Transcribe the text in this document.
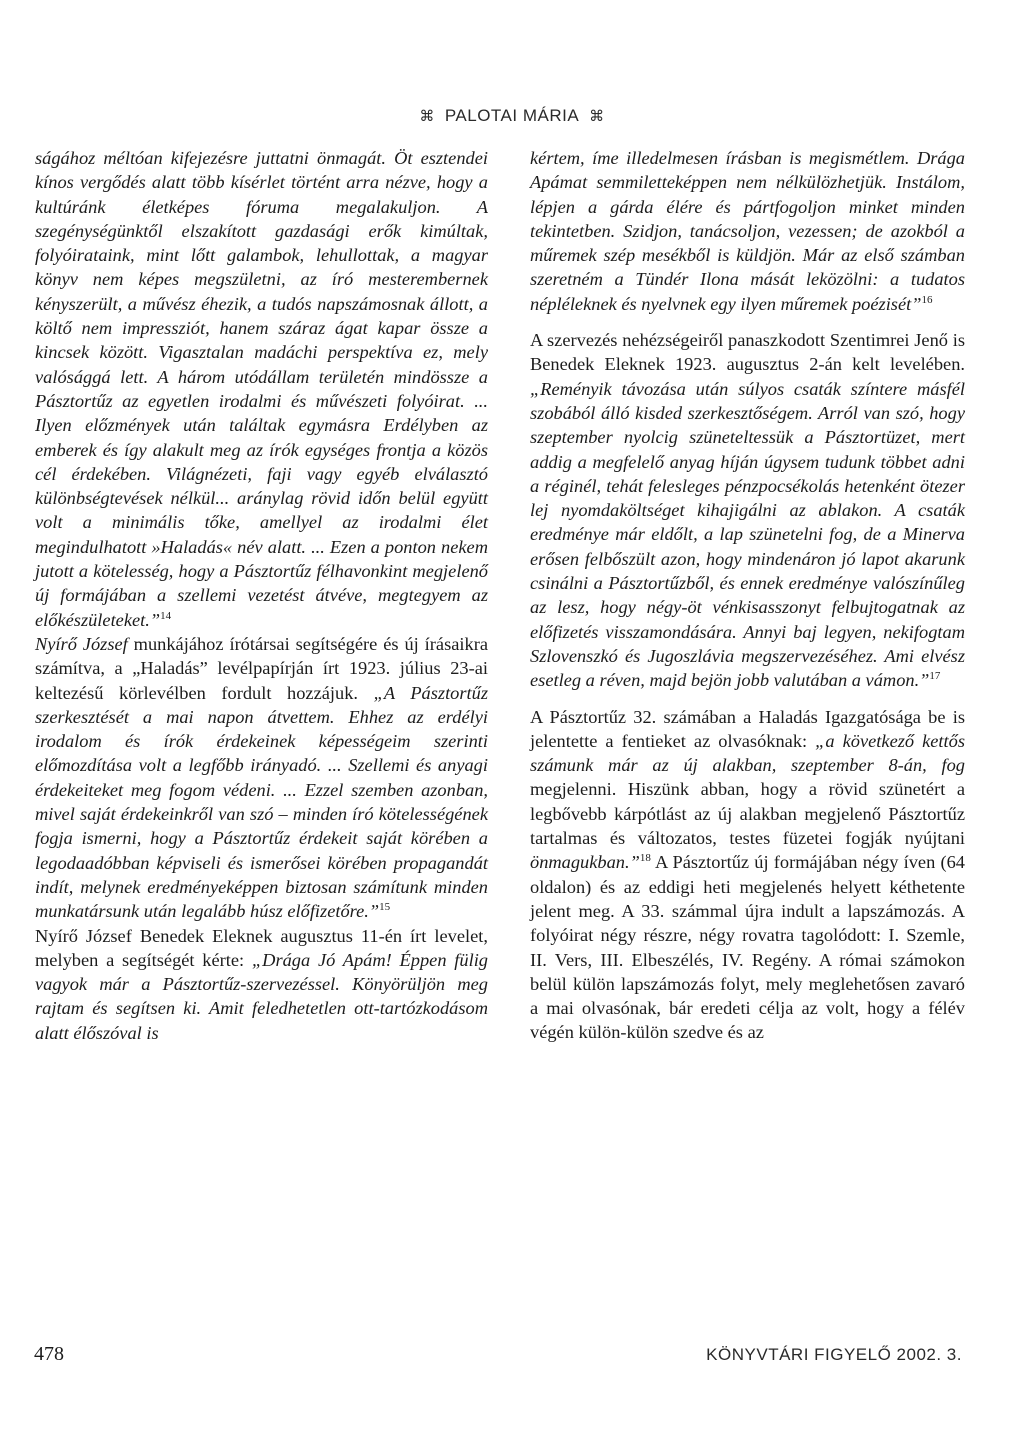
⌘ PALOTAI MÁRIA ⌘

ságához méltóan kifejezésre juttatni önmagát. Öt esztendei kínos vergődés alatt több kísérlet történt arra nézve, hogy a kultúránk életképes fóruma megalakuljon. A szegénységünktől elszakított gazdasági erők kimúltak, folyóirataink, mint lőtt galambok, lehullottak, a magyar könyv nem képes megszületni, az író mesterembernek kényszerült, a művész éhezik, a tudós napszámosnak állott, a költő nem impressziót, hanem száraz ágat kapar össze a kincsek között. Vigasztalan madáchi perspektíva ez, mely valósággá lett. A három utódállam területén mindössze a Pásztortűz az egyetlen irodalmi és művészeti folyóirat. ... Ilyen előzmények után találtak egymásra Erdélyben az emberek és így alakult meg az írók egységes frontja a közös cél érdekében. Világnézeti, faji vagy egyéb elválasztó különbségtevések nélkül... aránylag rövid időn belül együtt volt a minimális tőke, amellyel az irodalmi élet megindulhatott »Haladás« név alatt. ... Ezen a ponton nekem jutott a kötelesség, hogy a Pásztortűz félhavonkint megjelenő új formájában a szellemi vezetést átvéve, megtegyem az előkészületeket.”$^{14}$

Nyírő József munkájához írótársai segítségére és új írásaikra számítva, a „Haladás” levélpapírján írt 1923. július 23-ai keltezésű körlevélben fordult hozzájuk. „A Pásztortűz szerkesztését a mai napon átvettem. Ehhez az erdélyi irodalom és írók érdekeinek képességeim szerinti előmozdítása volt a legfőbb irányadó. ... Szellemi és anyagi érdekeiteket meg fogom védeni. ... Ezzel szemben azonban, mivel saját érdekeinkről van szó – minden író kötelességének fogja ismerni, hogy a Pásztortűz érdekeit saját körében a legodaadóbban képviseli és ismerősei körében propagandát indít, melynek eredményeképpen biztosan számítunk minden munkatársunk után legalább húsz előfizetőre.”$^{15}$

Nyírő József Benedek Eleknek augusztus 11-én írt levelet, melyben a segítségét kérte: „Drága Jó Apám! Éppen fülig vagyok már a Pásztortűz-szervezéssel. Könyörüljön meg rajtam és segítsen ki. Amit feledhetetlen ott-tartózkodásom alatt élőszóval is

kértem, íme illedelmesen írásban is megismétlem. Drága Apámat semmiletteképpen nem nélkülözhetjük. Instálom, lépjen a gárda élére és pártfogoljon minket minden tekintetben. Szidjon, tanácsoljon, vezessen; de azokból a műremek szép mesékből is küldjön. Már az első számban szeretném a Tündér Ilona mását leközölni: a tudatos népléleknek és nyelvnek egy ilyen műremek poézisét”$^{16}$

A szervezés nehézségeiről panaszkodott Szentimrei Jenő is Benedek Eleknek 1923. augusztus 2-án kelt levelében. „Reményik távozása után súlyos csaták színtere másfél szobából álló kisded szerkesztőségem. Arról van szó, hogy szeptember nyolcig szüneteltessük a Pásztortüzet, mert addig a megfelelő anyag híján úgysem tudunk többet adni a réginél, tehát felesleges pénzpocsékolás hetenként ötezer lej nyomdaköltséget kihajigálni az ablakon. A csaták eredménye már eldőlt, a lap szünetelni fog, de a Minerva erősen felbőszült azon, hogy mindenáron jó lapot akarunk csinálni a Pásztortűzből, és ennek eredménye valószínűleg az lesz, hogy négy-öt vénkisasszonyt felbujtogatnak az előfizetés visszamondására. Annyi baj legyen, nekifogtam Szlovenszkó és Jugoszlávia megszervezéséhez. Ami elvész esetleg a réven, majd bejön jobb valutában a vámon.”$^{17}$

A Pásztortűz 32. számában a Haladás Igazgatósága be is jelentette a fentieket az olvasóknak: „a következő kettős számunk már az új alakban, szeptember 8-án, fog megjelenni. Hiszünk abban, hogy a rövid szünetért a legbővebb kárpótlást az új alakban megjelenő Pásztortűz tartalmas és változatos, testes füzetei fogják nyújtani önmagukban.”$^{18}$ A Pásztortűz új formájában négy íven (64 oldalon) és az eddigi heti megjelenés helyett kéthetente jelent meg. A 33. számmal újra indult a lapszámozás. A folyóirat négy részre, négy rovatra tagolódott: I. Szemle, II. Vers, III. Elbeszélés, IV. Regény. A római számokon belül külön lapszámozás folyt, mely meglehetősen zavaró a mai olvasónak, bár eredeti célja az volt, hogy a félév végén külön-külön szedve és az

478	KÖNYVTÁRI FIGYELŐ 2002. 3.
